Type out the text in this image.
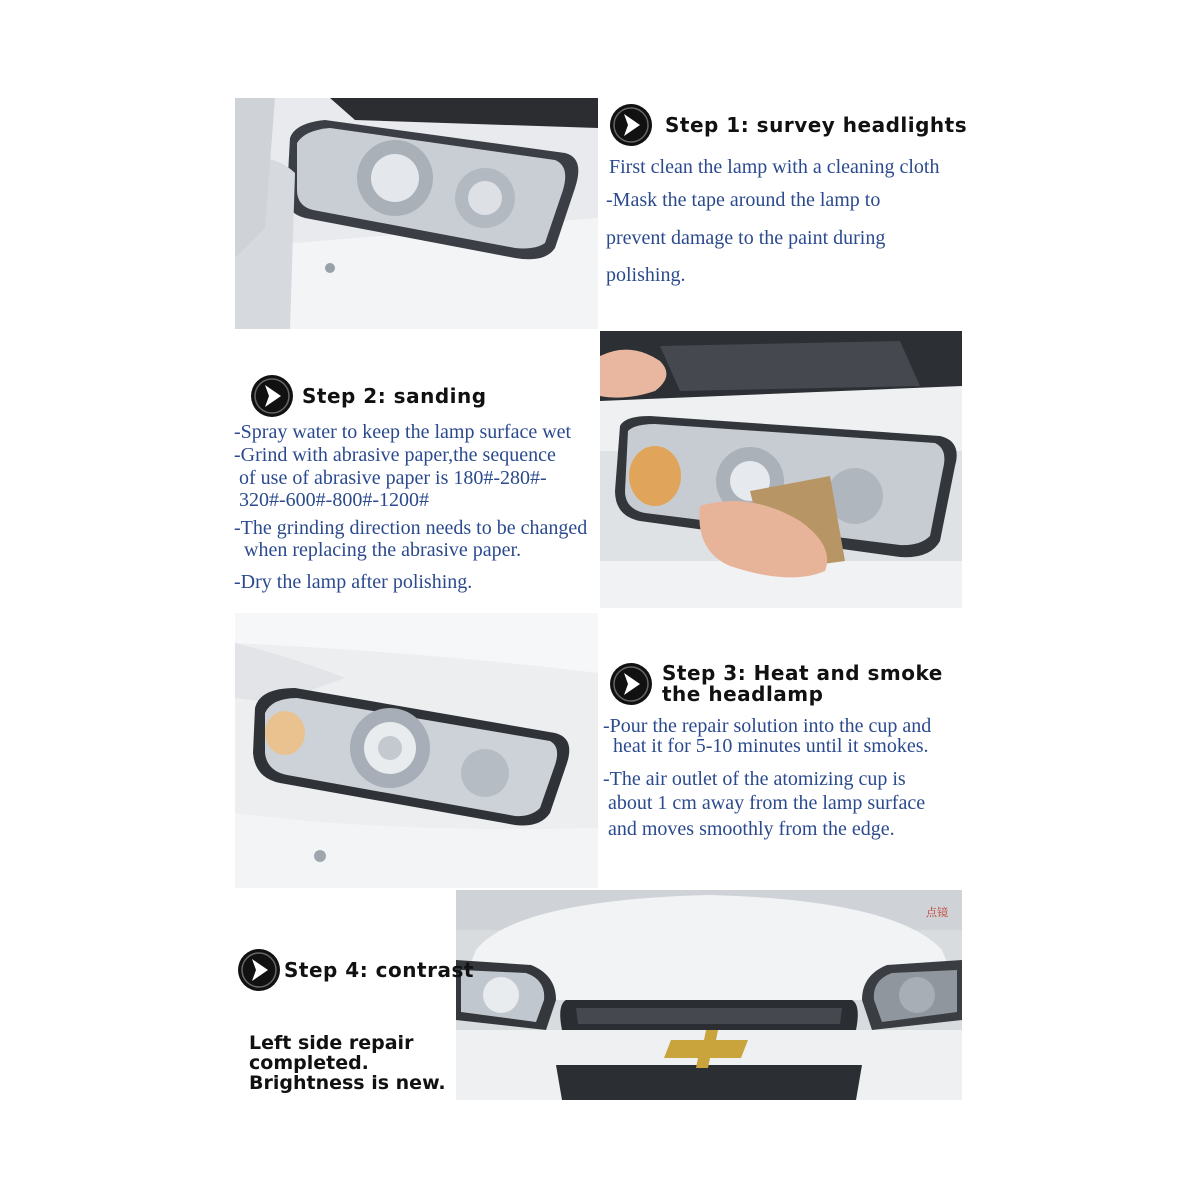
Step 1: survey headlights

First clean the lamp with a cleaning cloth

-Mask the tape around the lamp to

prevent damage to the paint during

polishing.

Step 2: sanding

-Spray water to keep the lamp surface wet

-Grind with abrasive paper,the sequence

of use of abrasive paper is 180#-280#-

320#-600#-800#-1200#

-The grinding direction needs to be changed

when replacing the abrasive paper.

-Dry the lamp after polishing.

Step 3: Heat and smoke
the headlamp

-Pour the repair solution into the cup and

heat it for 5-10 minutes until it smokes.

-The air outlet of the atomizing cup is

about 1 cm away from the lamp surface

and moves smoothly from the edge.

点镜
Step 4: contrast
Left side repair
completed.
Brightness is new.
